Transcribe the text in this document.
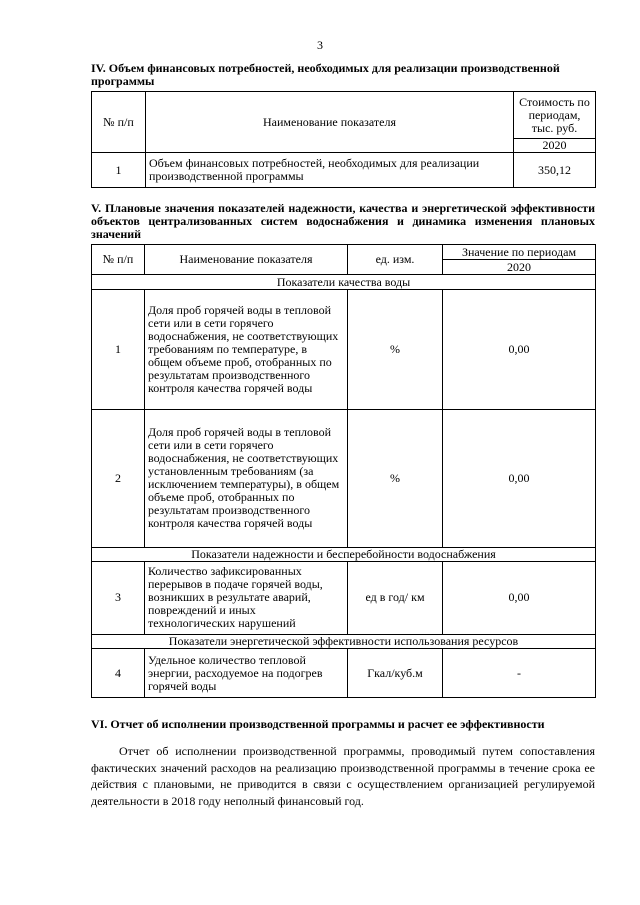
3
IV. Объем финансовых потребностей, необходимых для реализации производственной программы
№ п/п	Наименование показателя	Стоимость по периодам, тыс. руб.
		2020
1	Объем финансовых потребностей, необходимых для реализации производственной программы	350,12
V. Плановые значения показателей надежности, качества и энергетической эффективности объектов централизованных систем водоснабжения и динамика изменения плановых значений
№ п/п	Наименование показателя	ед. изм.	Значение по периодам
			2020
Показатели качества воды			
1	Доля проб горячей воды в тепловой сети или в сети горячего водоснабжения, не соответствующих требованиям по температуре, в общем объеме проб, отобранных по результатам производственного контроля качества горячей воды	%	0,00
2	Доля проб горячей воды в тепловой сети или в сети горячего водоснабжения, не соответствующих установленным требованиям (за исключением температуры), в общем объеме проб, отобранных по результатам производственного контроля качества горячей воды	%	0,00
Показатели надежности и бесперебойности водоснабжения			
3	Количество зафиксированных перерывов в подаче горячей воды, возникших в результате аварий, повреждений и иных технологических нарушений	ед в год/ км	0,00
Показатели энергетической эффективности использования ресурсов			
4	Удельное количество тепловой энергии, расходуемое на подогрев горячей воды	Гкал/куб.м	-
VI. Отчет об исполнении производственной программы и расчет ее эффективности
Отчет об исполнении производственной программы, проводимый путем сопоставления фактических значений расходов на реализацию производственной программы в течение срока ее действия с плановыми, не приводится в связи с осуществлением организацией регулируемой деятельности в 2018 году неполный финансовый год.
